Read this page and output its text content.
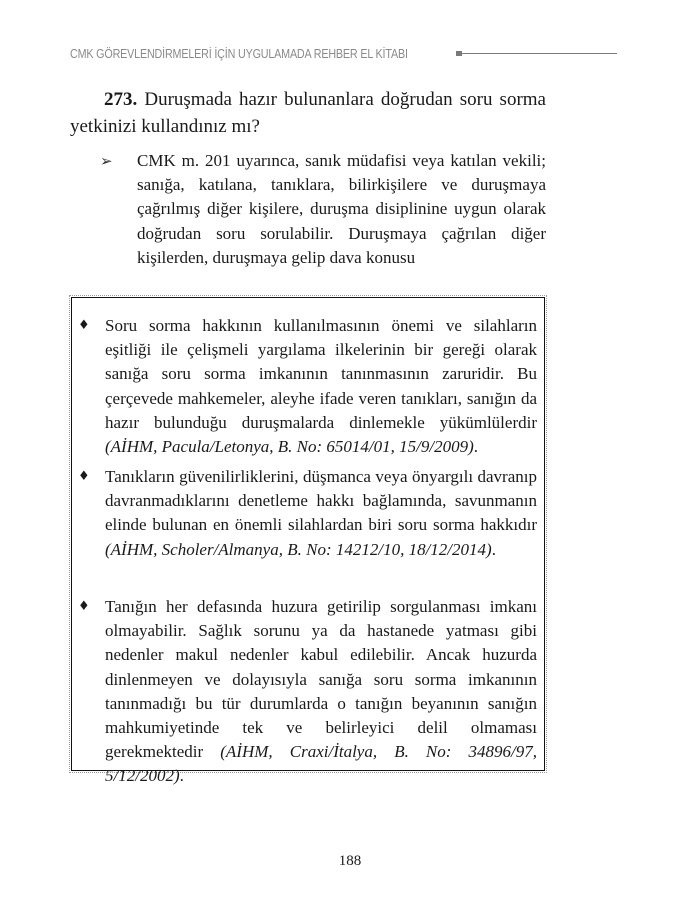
CMK GÖREVLENDİRMELERİ İÇİN UYGULAMADA REHBER EL KİTABI
273. Duruşmada hazır bulunanlara doğrudan soru sorma yetkinizi kullandınız mı?
➢	CMK m. 201 uyarınca, sanık müdafisi veya katılan vekili; sanığa, katılana, tanıklara, bilirkişilere ve duruşmaya çağrılmış diğer kişilere, duruşma disiplinine uygun olarak doğrudan soru sorulabilir. Duruşmaya çağrılan diğer kişilerden, duruşmaya gelip dava konusu
♦ Soru sorma hakkının kullanılmasının önemi ve silahların eşitliği ile çelişmeli yargılama ilkelerinin bir gereği olarak sanığa soru sorma imkanının tanınmasının zaruridir. Bu çerçevede mahkemeler, aleyhe ifade veren tanıkları, sanığın da hazır bulunduğu duruşmalarda dinlemekle yükümlülerdir (AİHM, Pacula/Letonya, B. No: 65014/01, 15/9/2009).
♦ Tanıkların güvenilirliklerini, düşmanca veya önyargılı davranıp davranmadıklarını denetleme hakkı bağlamında, savunmanın elinde bulunan en önemli silahlardan biri soru sorma hakkıdır (AİHM, Scholer/Almanya, B. No: 14212/10, 18/12/2014).
♦ Tanığın her defasında huzura getirilip sorgulanması imkanı olmayabilir. Sağlık sorunu ya da hastanede yatması gibi nedenler makul nedenler kabul edilebilir. Ancak huzurda dinlenmeyen ve dolayısıyla sanığa soru sorma imkanının tanınmadığı bu tür durumlarda o tanığın beyanının sanığın mahkumiyetinde tek ve belirleyici delil olmaması gerekmektedir (AİHM, Craxi/İtalya, B. No: 34896/97, 5/12/2002).
188
